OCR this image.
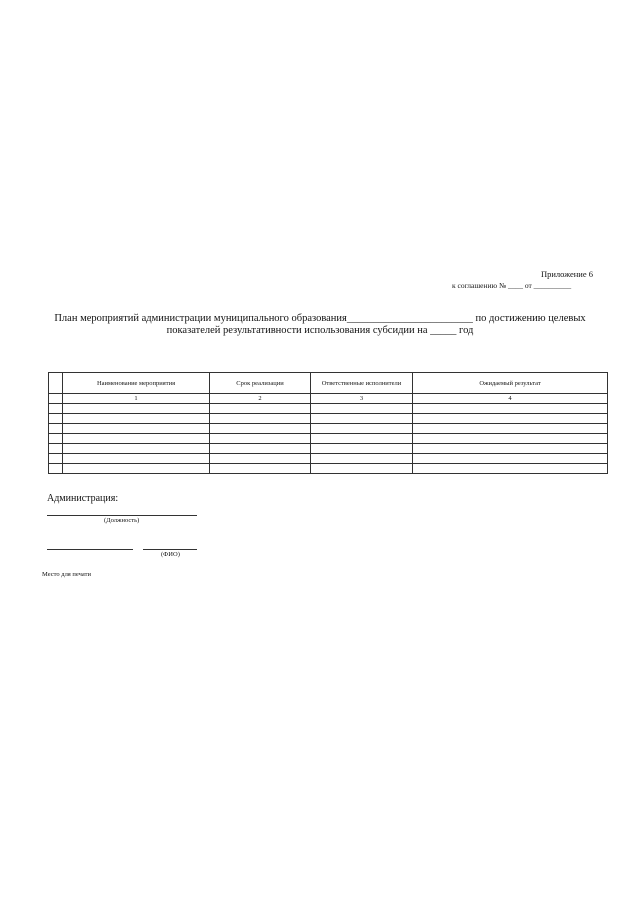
Приложение 6
к соглашению № ____ от __________
План мероприятий администрации муниципального образования________________________ по достижению целевых
показателей результативности использования субсидии на _____ год
	Наименование мероприятия	Срок реализации	Ответственные исполнители	Ожидаемый результат
	1	2	3	4

Администрация:
(Должность)
(ФИО)
Место для печати
